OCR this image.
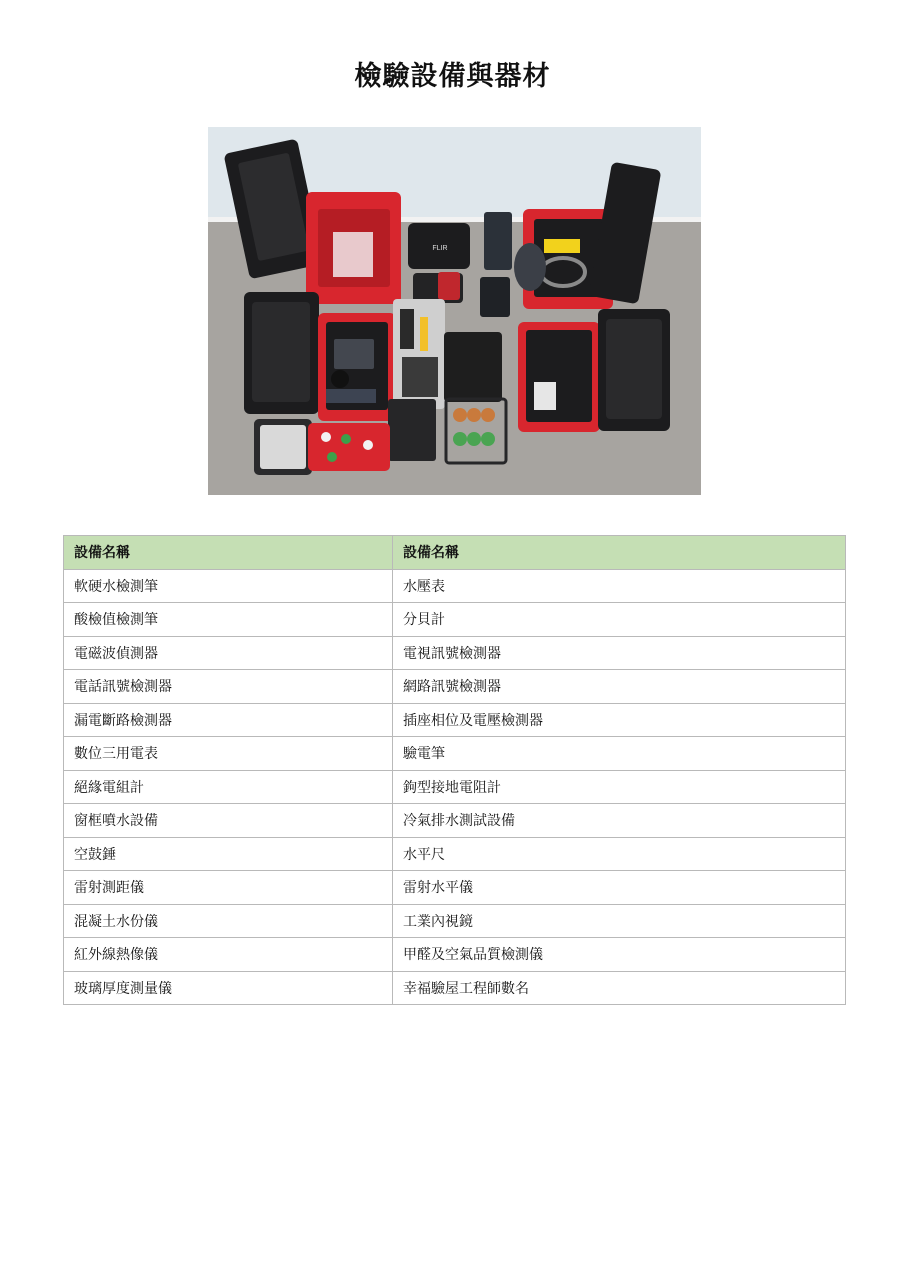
檢驗設備與器材
FLIR
設備名稱	設備名稱
軟硬水檢測筆	水壓表
酸檢值檢測筆	分貝計
電磁波偵測器	電視訊號檢測器
電話訊號檢測器	網路訊號檢測器
漏電斷路檢測器	插座相位及電壓檢測器
數位三用電表	驗電筆
絕緣電組計	鉤型接地電阻計
窗框噴水設備	冷氣排水測試設備
空鼓錘	水平尺
雷射測距儀	雷射水平儀
混凝土水份儀	工業內視鏡
紅外線熱像儀	甲醛及空氣品質檢測儀
玻璃厚度測量儀	幸福驗屋工程師數名
